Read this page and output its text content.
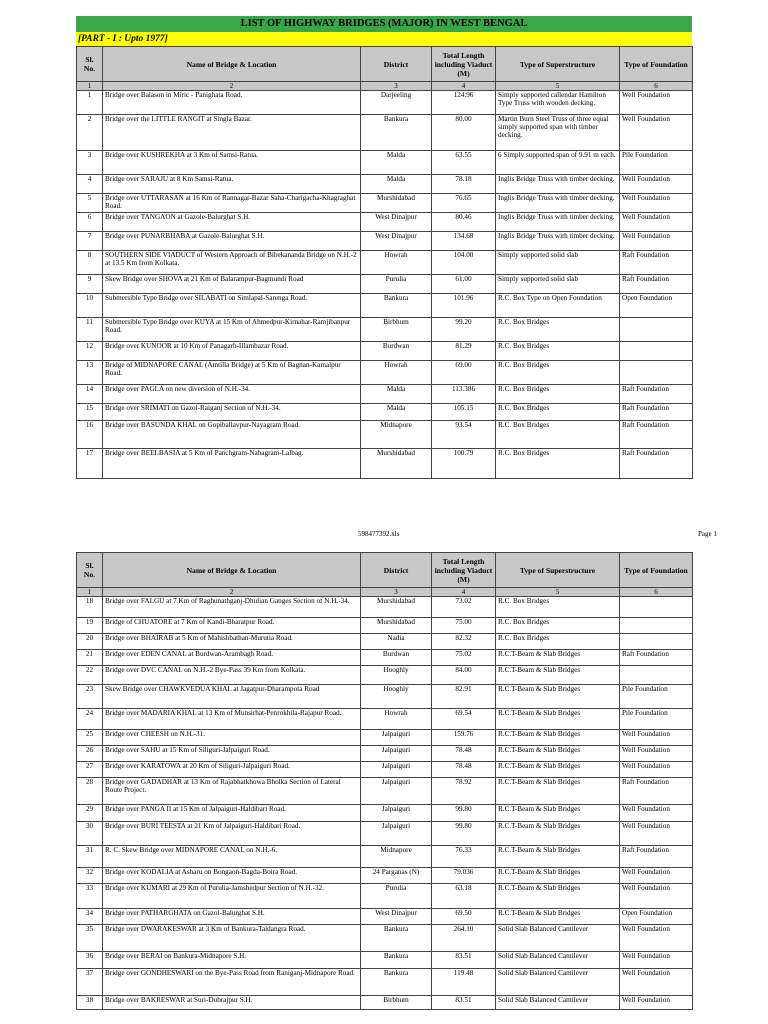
LIST OF HIGHWAY BRIDGES (MAJOR) IN WEST BENGAL
[PART - I : Upto 1977]
Sl. No.	Name of Bridge & Location	District	Total Length including Viaduct (M)	Type of Superstructure	Type of Foundation
1	2	3	4	5	6
1	Bridge over Balason in Miric - Panighata Road.	Darjeeling	124.96	Simply supported callendar Hamilton Type Truss with wooden decking.	Well Foundation
2	Bridge over the LITTLE RANGIT at Singla Bazar.	Bankura	80.00	Martin Burn Steel Truss of three equal simply supported span with timber decking.	Well Foundation
3	Bridge over KUSHREKHA at 3 Km of Samsi-Ratua.	Malda	63.55	6 Simply supported span of 9.91 m each.	Pile Foundation
4	Bridge over SARAJU at 8 Km Samsi-Ratua.	Malda	78.18	Inglis Bridge Truss with timber decking.	Well Foundation
5	Bridge over UTTARASAN at 16 Km of Rannagar-Bazar Saha-Charigacha-Khagraghat Road.	Murshidabad	76.65	Inglis Bridge Truss with timber decking.	Well Foundation
6	Bridge over TANGAON at Gazole-Balurghat S.H.	West Dinajpur	80.46	Inglis Bridge Truss with timber decking.	Well Foundation
7	Bridge over PUNARBHABA at Gazole-Balurghat S.H.	West Dinajpur	134.68	Inglis Bridge Truss with timber decking.	Well Foundation
8	SOUTHERN SIDE VIADUCT of Western Approach of Bibekananda Bridge on N.H.-2 at 13.5 Km from Kolkata.	Howrah	104.00	Simply supported solid slab	Raft Foundation
9	Skew Bridge over SHOVA at 21 Km of Balarampur-Bagmundi Road	Purulia	61.00	Simply supported solid slab	Raft Foundation
10	Submersible Type Bridge over SILABATI on Simlapal-Sarenga Road.	Bankura	101.96	R.C. Box Type on Open Foundation	Open Foundation
11	Submersible Type Bridge over KUYA at 15 Km of Ahmedpur-Kirnahar-Ramjibanpur Road.	Birbhum	99.20	R.C. Box Bridges	
12	Bridge over KUNOOR at 10 Km of Panagarh-Illambazar Road.	Burdwan	81.29	R.C. Box Bridges	
13	Bridge of MIDNAPORE CANAL (Amtilla Bridge) at 5 Km of Bagnan-Kamalpur Road.	Howrah	69.00	R.C. Box Bridges	
14	Bridge over PAGLA on new diversion of N.H.-34.	Malda	113.386	R.C. Box Bridges	Raft Foundation
15	Bridge over SRIMATI on Gazol-Raiganj Section of N.H.-34.	Malda	105.15	R.C. Box Bridges	Raft Foundation
16	Bridge over BASUNDA KHAL on Gopiballavpur-Nayagram Road.	Midnapore	93.54	R.C. Box Bridges	Raft Foundation
17	Bridge over BEELBASIA at 5 Km of Panchgram-Nabagram-Lalbag.	Murshidabad	100.79	R.C. Box Bridges	Raft Foundation
598477392.xls	Page 1
Sl. No.	Name of Bridge & Location	District	Total Length including Viaduct (M)	Type of Superstructure	Type of Foundation
1	2	3	4	5	6
18	Bridge over FALGU at 7 Km of Raghunathganj-Dhulian Ganges Section of N.H.-34.	Murshidabad	73.02	R.C. Box Bridges	
19	Bridge of CHUATORE at 7 Km of Kandi-Bharatpur Road.	Murshidabad	75.00	R.C. Box Bridges	
20	Bridge over BHAIRAB at 5 Km of Mahishbathan-Murutia Road.	Nadia	82.32	R.C. Box Bridges	
21	Bridge over EDEN CANAL at Burdwan-Arambagh Road.	Burdwan	75.02	R.C.T-Beam & Slab Bridges	Raft Foundation
22	Bridge over DVC CANAL on N.H.-2 Bye-Pass 39 Km from Kolkata.	Hooghly	84.00	R.C.T-Beam & Slab Bridges	
23	Skew Bridge over CHAWKVEDUA KHAL at Jagatpur-Dharampota Road	Hooghly	82.91	R.C.T-Beam & Slab Bridges	Pile Foundation
24	Bridge over MADARIA KHAL at 13 Km of Munsirhat-Penrokhila-Rajapur Road.	Howrah	69.54	R.C.T-Beam & Slab Bridges	Pile Foundation
25	Bridge over CHEESH on N.H.-31.	Jalpaiguri	159.76	R.C.T-Beam & Slab Bridges	Well Foundation
26	Bridge over SAHU at 15 Km of Siliguri-Jalpaiguri Road.	Jalpaiguri	78.48	R.C.T-Beam & Slab Bridges	Well Foundation
27	Bridge over KARATOWA at 20 Km of Siliguri-Jalpaiguri Road.	Jalpaiguri	78.48	R.C.T-Beam & Slab Bridges	Well Foundation
28	Bridge over GADADHAR at 13 Km of Rajabhatkhowa Bholka Section of Lateral Route Project.	Jalpaiguri	78.92	R.C.T-Beam & Slab Bridges	Raft Foundation
29	Bridge over PANGA II at 15 Km of Jalpaiguri-Haldibari Road.	Jalpaiguri	99.80	R.C.T-Beam & Slab Bridges	Well Foundation
30	Bridge over BURI TEESTA at 21 Km of Jalpaiguri-Haldibari Road.	Jalpaiguri	99.80	R.C.T-Beam & Slab Bridges	Well Foundation
31	R. C. Skew Bridge over MIDNAPORE CANAL on N.H.-6.	Midnapore	76.33	R.C.T-Beam & Slab Bridges	Raft Foundation
32	Bridge over KODALIA at Asharu on Bongaon-Bagda-Boira Road.	24 Parganas (N)	79.036	R.C.T-Beam & Slab Bridges	Well Foundation
33	Bridge over KUMARI at 29 Km of Purulia-Jamshedpur Section of N.H.-32.	Purulia	63.18	R.C.T-Beam & Slab Bridges	Well Foundation
34	Bridge over PATHARGHATA on Gazol-Balurghat S.H.	West Dinajpur	69.50	R.C.T-Beam & Slab Bridges	Open Foundation
35	Bridge over DWARAKESWAR at 3 Km of Bankura-Taldangra Road.	Bankura	264.10	Solid Slab Balanced Cantilever	Well Foundation
36	Bridge over BERAI on Bankura-Midnapore S.H.	Bankura	83.51	Solid Slab Balanced Cantilever	Well Foundation
37	Bridge over GONDHESWARI on the Bye-Pass Road from Raniganj-Midnapore Road.	Bankura	119.48	Solid Slab Balanced Cantilever	Well Foundation
38	Bridge over BAKRESWAR at Suri-Dubrajpur S.H.	Birbhum	83.51	Solid Slab Balanced Cantilever	Well Foundation
